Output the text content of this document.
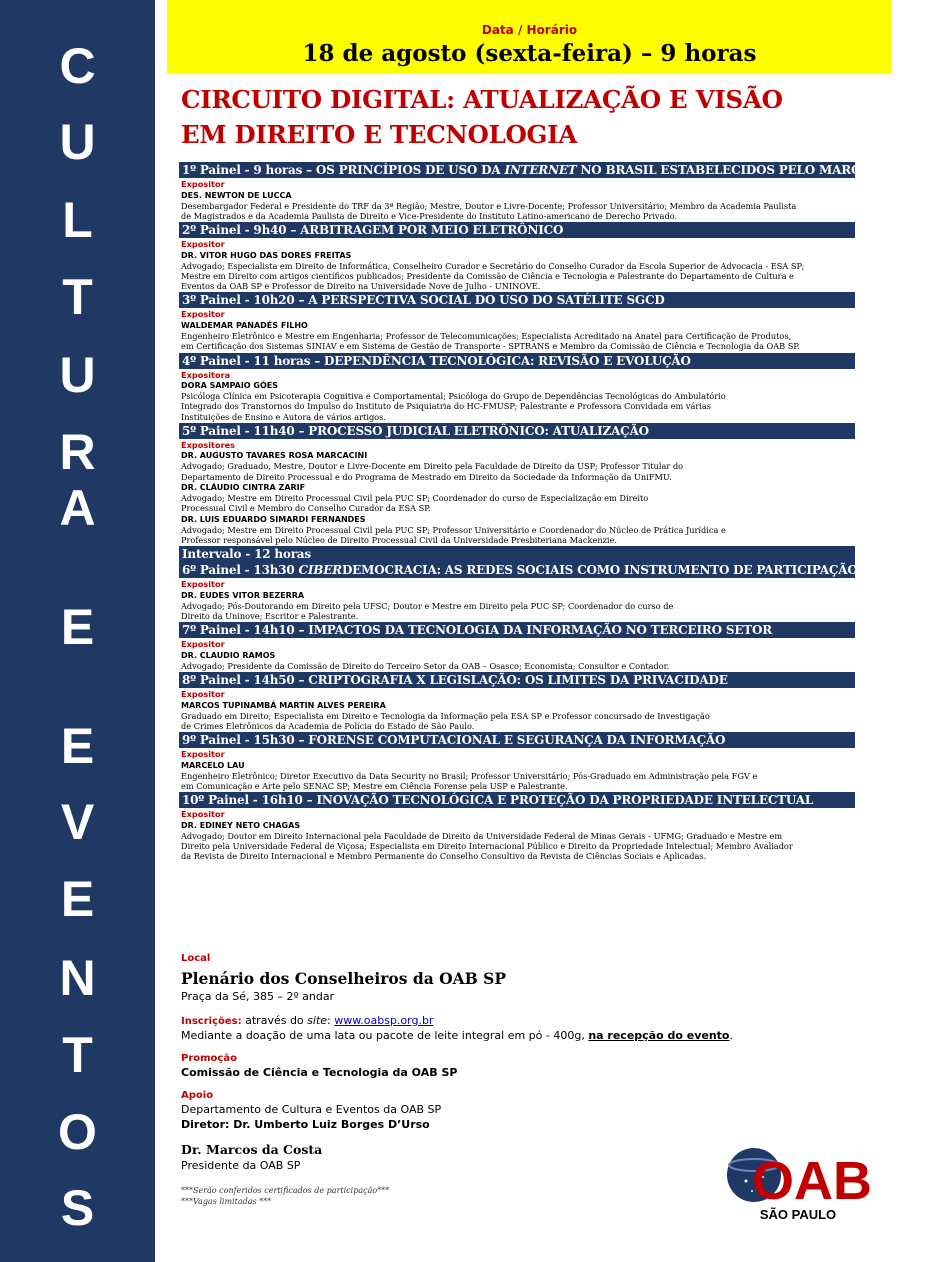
C
U
L
T
U
R
A
E
E
V
E
N
T
O
S
Data / Horário
18 de agosto (sexta-feira) – 9 horas
CIRCUITO DIGITAL: ATUALIZAÇÃO E VISÃO
EM DIREITO E TECNOLOGIA
1º Painel - 9 horas – OS PRINCÍPIOS DE USO DA INTERNET NO BRASIL ESTABELECIDOS PELO MARCO CIVIL
Expositor
DES. NEWTON DE LUCCA
Desembargador Federal e Presidente do TRF da 3ª Região; Mestre, Doutor e Livre-Docente; Professor Universitário; Membro da Academia Paulista
de Magistrados e da Academia Paulista de Direito e Vice-Presidente do Instituto Latino-americano de Derecho Privado.
2º Painel - 9h40 – ARBITRAGEM POR MEIO ELETRÔNICO
Expositor
DR. VITOR HUGO DAS DORES FREITAS
Advogado; Especialista em Direito de Informática, Conselheiro Curador e Secretário do Conselho Curador da Escola Superior de Advocacia - ESA SP;
Mestre em Direito com artigos científicos publicados; Presidente da Comissão de Ciência e Tecnologia e Palestrante do Departamento de Cultura e
Eventos da OAB SP e Professor de Direito na Universidade Nove de Julho - UNINOVE.
3º Painel - 10h20 – A PERSPECTIVA SOCIAL DO USO DO SATÉLITE SGCD
Expositor
WALDEMAR PANADÉS FILHO
Engenheiro Eletrônico e Mestre em Engenharia; Professor de Telecomunicações; Especialista Acreditado na Anatel para Certificação de Produtos,
em Certificação dos Sistemas SINIAV e em Sistema de Gestão de Transporte - SPTRANS e Membro da Comissão de Ciência e Tecnologia da OAB SP.
4º Painel - 11 horas – DEPENDÊNCIA TECNOLÓGICA: REVISÃO E EVOLUÇÃO
Expositora
DORA SAMPAIO GÓES
Psicóloga Clínica em Psicoterapia Cognitiva e Comportamental; Psicóloga do Grupo de Dependências Tecnológicas do Ambulatório
Integrado dos Transtornos do Impulso do Instituto de Psiquiatria do HC-FMUSP; Palestrante e Professora Convidada em várias
Instituições de Ensino e Autora de vários artigos.
5º Painel - 11h40 – PROCESSO JUDICIAL ELETRÔNICO: ATUALIZAÇÃO
Expositores
DR. AUGUSTO TAVARES ROSA MARCACINI
Advogado; Graduado, Mestre, Doutor e Livre-Docente em Direito pela Faculdade de Direito da USP; Professor Titular do
Departamento de Direito Processual e do Programa de Mestrado em Direito da Sociedade da Informação da UniFMU.
DR. CLÁUDIO CINTRA ZARIF
Advogado; Mestre em Direito Processual Civil pela PUC SP; Coordenador do curso de Especialização em Direito
Processual Civil e Membro do Conselho Curador da ESA SP.
DR. LUIS EDUARDO SIMARDI FERNANDES
Advogado; Mestre em Direito Processual Civil pela PUC SP; Professor Universitário e Coordenador do Núcleo de Prática Jurídica e
Professor responsável pelo Núcleo de Direito Processual Civil da Universidade Presbiteriana Mackenzie.
Intervalo - 12 horas
6º Painel - 13h30 CIBERDEMOCRACIA: AS REDES SOCIAIS COMO INSTRUMENTO DE PARTICIPAÇÃO POPULAR
Expositor
DR. EUDES VITOR BEZERRA
Advogado; Pós-Doutorando em Direito pela UFSC; Doutor e Mestre em Direito pela PUC SP; Coordenador do curso de
Direito da Uninove; Escritor e Palestrante.
7º Painel - 14h10 – IMPACTOS DA TECNOLOGIA DA INFORMAÇÃO NO TERCEIRO SETOR
Expositor
DR. CLAUDIO RAMOS
Advogado; Presidente da Comissão de Direito do Terceiro Setor da OAB – Osasco; Economista; Consultor e Contador.
8º Painel - 14h50 – CRIPTOGRAFIA X LEGISLAÇÃO: OS LIMITES DA PRIVACIDADE
Expositor
MARCOS TUPINAMBÁ MARTIN ALVES PEREIRA
Graduado em Direito; Especialista em Direito e Tecnologia da Informação pela ESA SP e Professor concursado de Investigação
de Crimes Eletrônicos da Academia de Polícia do Estado de São Paulo.
9º Painel - 15h30 – FORENSE COMPUTACIONAL E SEGURANÇA DA INFORMAÇÃO
Expositor
MARCELO LAU
Engenheiro Eletrônico; Diretor Executivo da Data Security no Brasil; Professor Universitário; Pós-Graduado em Administração pela FGV e
em Comunicação e Arte pelo SENAC SP; Mestre em Ciência Forense pela USP e Palestrante.
10º Painel - 16h10 – INOVAÇÃO TECNOLÓGICA E PROTEÇÃO DA PROPRIEDADE INTELECTUAL
Expositor
DR. EDINEY NETO CHAGAS
Advogado; Doutor em Direito Internacional pela Faculdade de Direito da Universidade Federal de Minas Gerais - UFMG; Graduado e Mestre em
Direito pela Universidade Federal de Viçosa; Especialista em Direito Internacional Público e Direito da Propriedade Intelectual; Membro Avaliador
da Revista de Direito Internacional e Membro Permanente do Conselho Consultivo da Revista de Ciências Sociais e Aplicadas.
Local
Plenário dos Conselheiros da OAB SP
Praça da Sé, 385 – 2º andar
Inscrições: através do site: www.oabsp.org.br
Mediante a doação de uma lata ou pacote de leite integral em pó - 400g, na recepção do evento.
Promoção
Comissão de Ciência e Tecnologia da OAB SP
Apoio
Departamento de Cultura e Eventos da OAB SP
Diretor: Dr. Umberto Luiz Borges D’Urso
Dr. Marcos da Costa
Presidente da OAB SP
***Serão conferidos certificados de participação***
***Vagas limitadas ***	OAB
SÃO PAULO
